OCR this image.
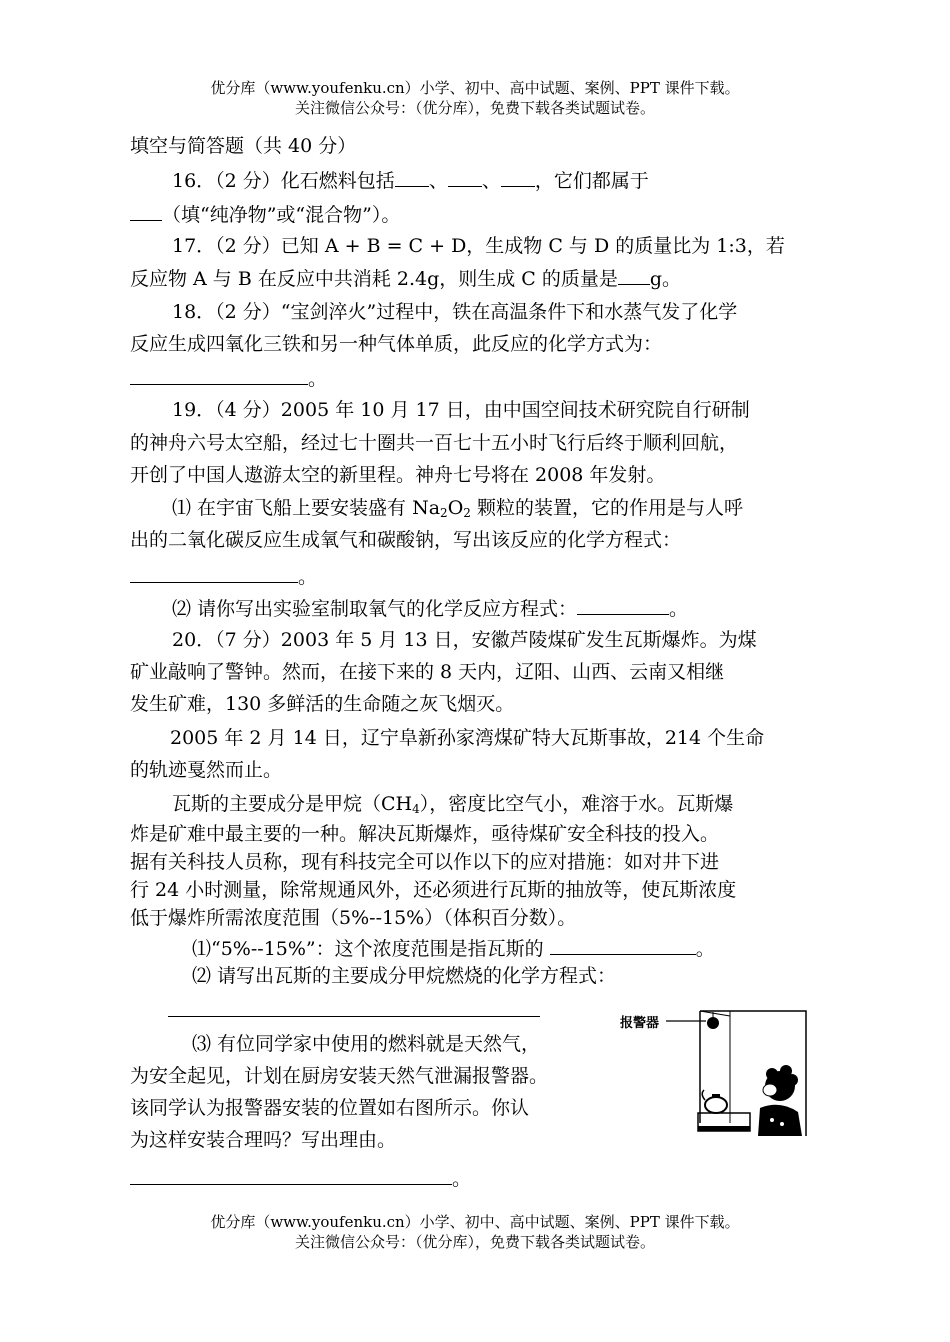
优分库（www.youfenku.cn）小学、初中、高中试题、案例、PPT 课件下载。
关注微信公众号：（优分库），免费下载各类试题试卷。
填空与简答题（共 40 分）
16．（2 分）化石燃料包括 、 、 ，它们都属于
（填“纯净物”或“混合物”）。
17．（2 分）已知 A + B = C + D，生成物 C 与 D 的质量比为 1:3，若
反应物 A 与 B 在反应中共消耗 2.4g，则生成 C 的质量是 g。
18．（2 分）“宝剑淬火”过程中，铁在高温条件下和水蒸气发了化学
反应生成四氧化三铁和另一种气体单质，此反应的化学方式为：
。
19．（4 分）2005 年 10 月 17 日，由中国空间技术研究院自行研制
的神舟六号太空船，经过七十圈共一百七十五小时飞行后终于顺利回航，
开创了中国人遨游太空的新里程。神舟七号将在 2008 年发射。
⑴ 在宇宙飞船上要安装盛有 $Na_2O_2$ 颗粒的装置，它的作用是与人呼
出的二氧化碳反应生成氧气和碳酸钠，写出该反应的化学方程式：
。
⑵ 请你写出实验室制取氧气的化学反应方程式：	。
20．（7 分）2003 年 5 月 13 日，安徽芦陵煤矿发生瓦斯爆炸。为煤
矿业敲响了警钟。然而，在接下来的 8 天内，辽阳、山西、云南又相继
发生矿难，130 多鲜活的生命随之灰飞烟灭。
2005 年 2 月 14 日，辽宁阜新孙家湾煤矿特大瓦斯事故，214 个生命
的轨迹戛然而止。
瓦斯的主要成分是甲烷$(CH_4)$，密度比空气小，难溶于水。瓦斯爆
炸是矿难中最主要的一种。解决瓦斯爆炸，亟待煤矿安全科技的投入。
据有关科技人员称，现有科技完全可以作以下的应对措施：如对井下进
行 24 小时测量，除常规通风外，还必须进行瓦斯的抽放等，使瓦斯浓度
低于爆炸所需浓度范围（5%--15%）（体积百分数）。
⑴“5%--15%”：这个浓度范围是指瓦斯的	。
⑵ 请写出瓦斯的主要成分甲烷燃烧的化学方程式：
⑶ 有位同学家中使用的燃料就是天然气，
为安全起见，计划在厨房安装天然气泄漏报警器。
该同学认为报警器安装的位置如右图所示。你认
为这样安装合理吗？写出理由。
。
报警器
优分库（www.youfenku.cn）小学、初中、高中试题、案例、PPT 课件下载。
关注微信公众号：（优分库），免费下载各类试题试卷。
